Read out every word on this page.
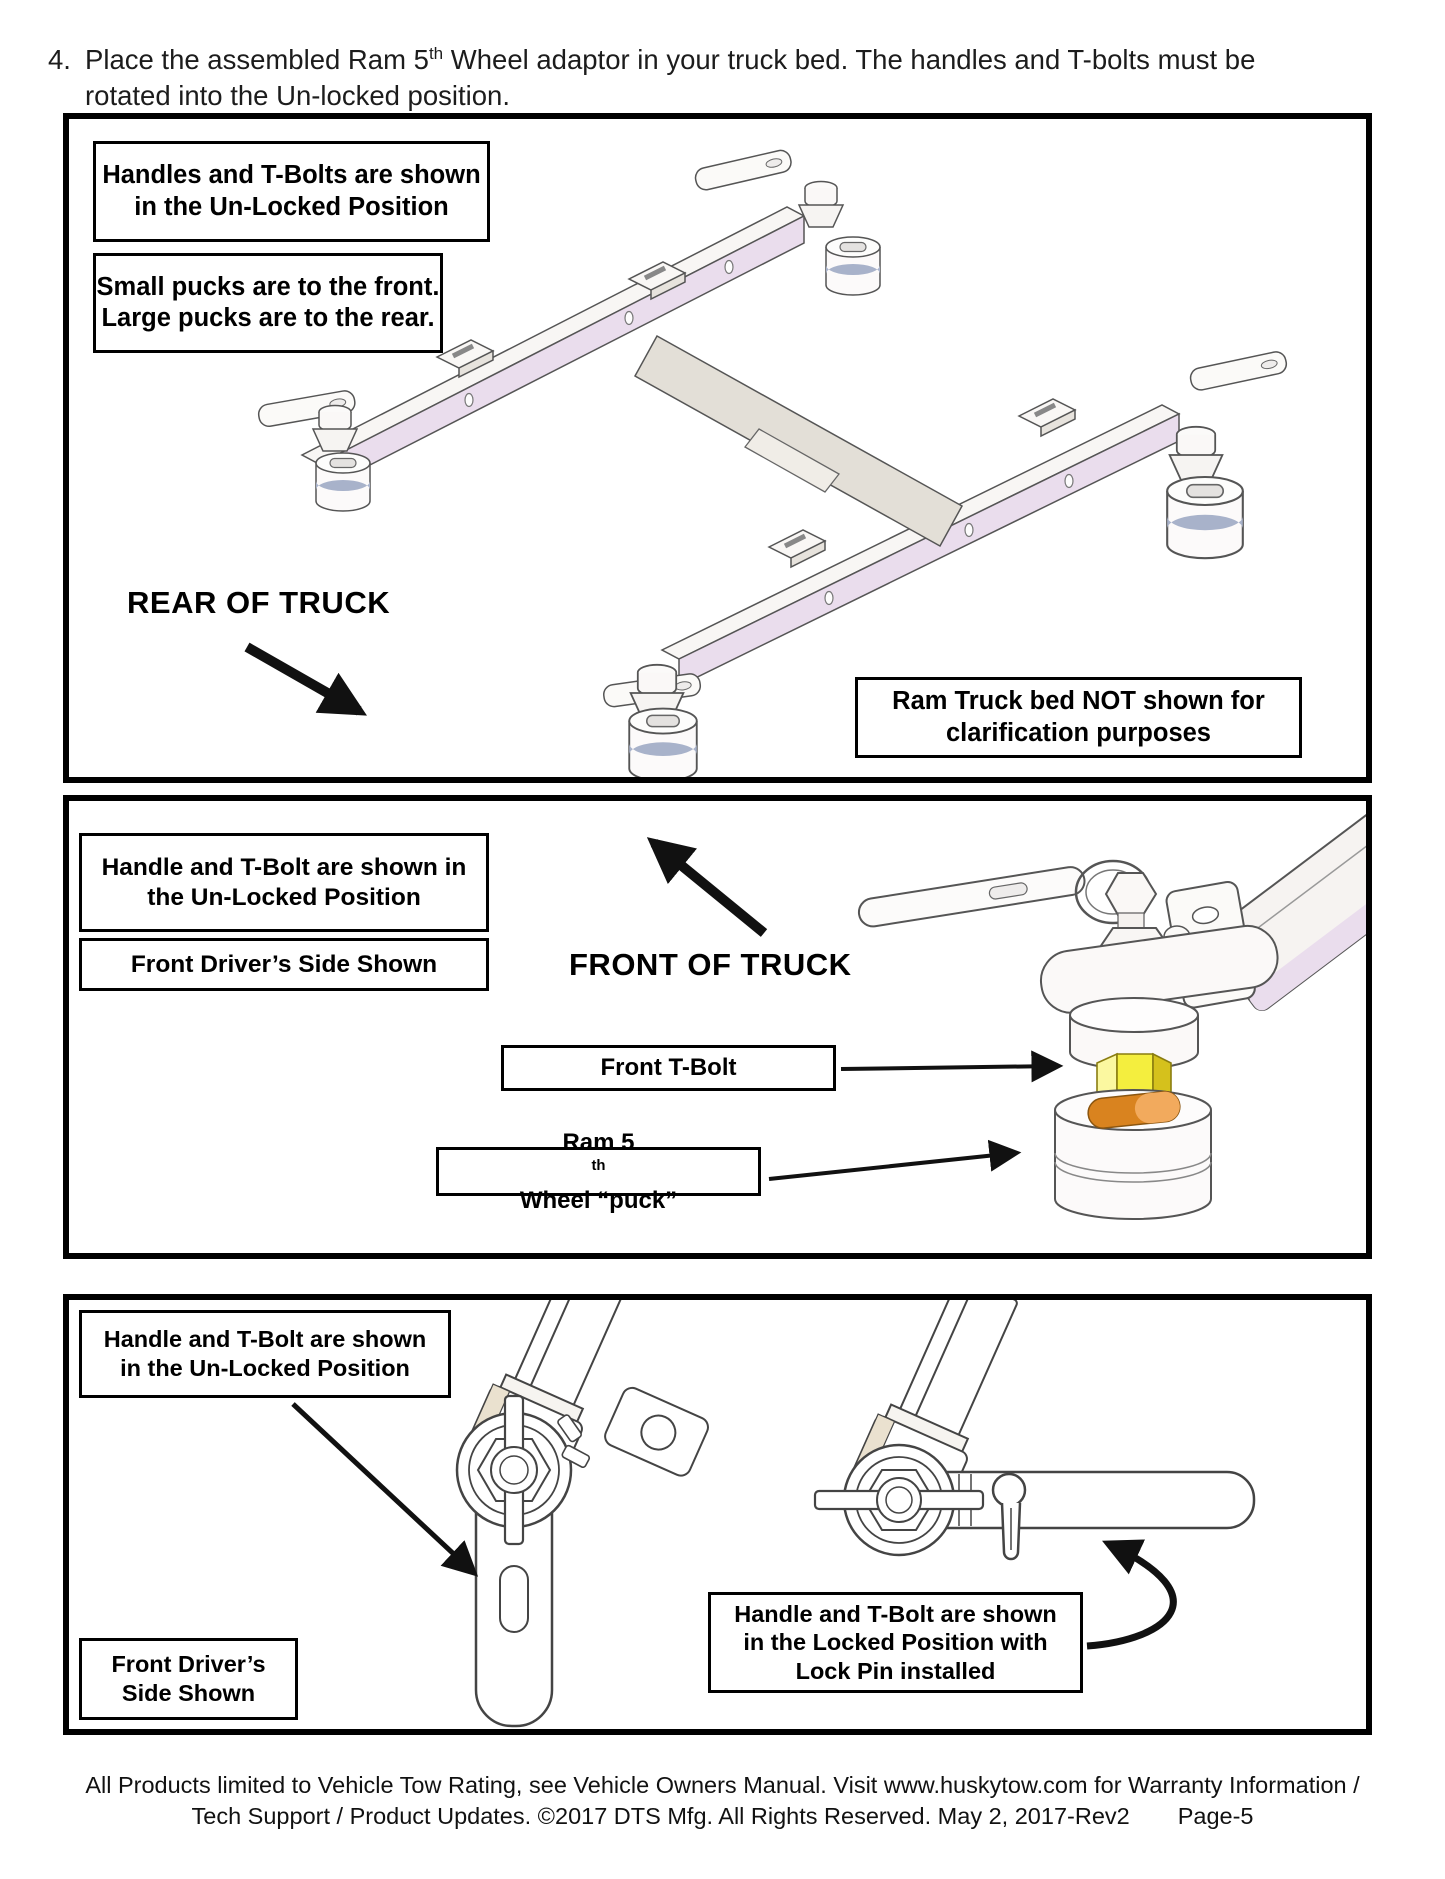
4. Place the assembled Ram 5th Wheel adaptor in your truck bed. The handles and T-bolts must be
rotated into the Un-locked position.
Handles and T-Bolts are shown
in the Un-Locked Position
Small pucks are to the front.
Large pucks are to the rear.
REAR OF TRUCK
Ram Truck bed NOT shown for
clarification purposes
Handle and T-Bolt are shown in
the Un-Locked Position
Front Driver’s Side Shown	FRONT OF TRUCK
Front T-Bolt
Ram 5
$^{th}$
Wheel “puck”
Handle and T-Bolt are shown
in the Un-Locked Position
Front Driver’s
Side Shown
Handle and T-Bolt are shown
in the Locked Position with
Lock Pin installed
All Products limited to Vehicle Tow Rating, see Vehicle Owners Manual. Visit www.huskytow.com for Warranty Information /
Tech Support / Product Updates. ©2017 DTS Mfg. All Rights Reserved. May 2, 2017-Rev2 Page-5
